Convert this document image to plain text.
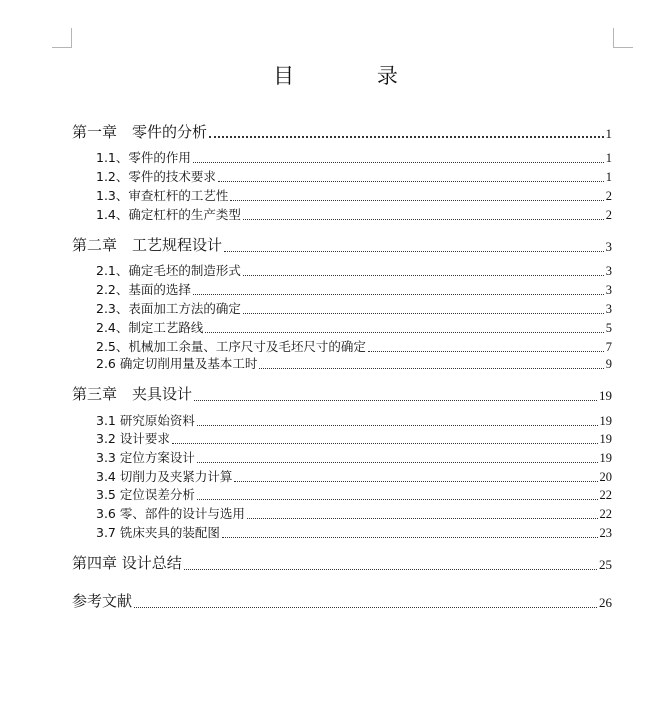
目 录
第一章　零件的分析	1
1.1、零件的作用	1
1.2、零件的技术要求	1
1.3、审查杠杆的工艺性	2
1.4、确定杠杆的生产类型	2
第二章　工艺规程设计	3
2.1、确定毛坯的制造形式	3
2.2、基面的选择	3
2.3、表面加工方法的确定	3
2.4、制定工艺路线	5
2.5、机械加工余量、工序尺寸及毛坯尺寸的确定	7
2.6 确定切削用量及基本工时	9
第三章　夹具设计	19
3.1 研究原始资料	19
3.2 设计要求	19
3.3 定位方案设计	19
3.4 切削力及夹紧力计算	20
3.5 定位误差分析	22
3.6 零、部件的设计与选用	22
3.7 铣床夹具的装配图	23
第四章 设计总结	25
参考文献	26
